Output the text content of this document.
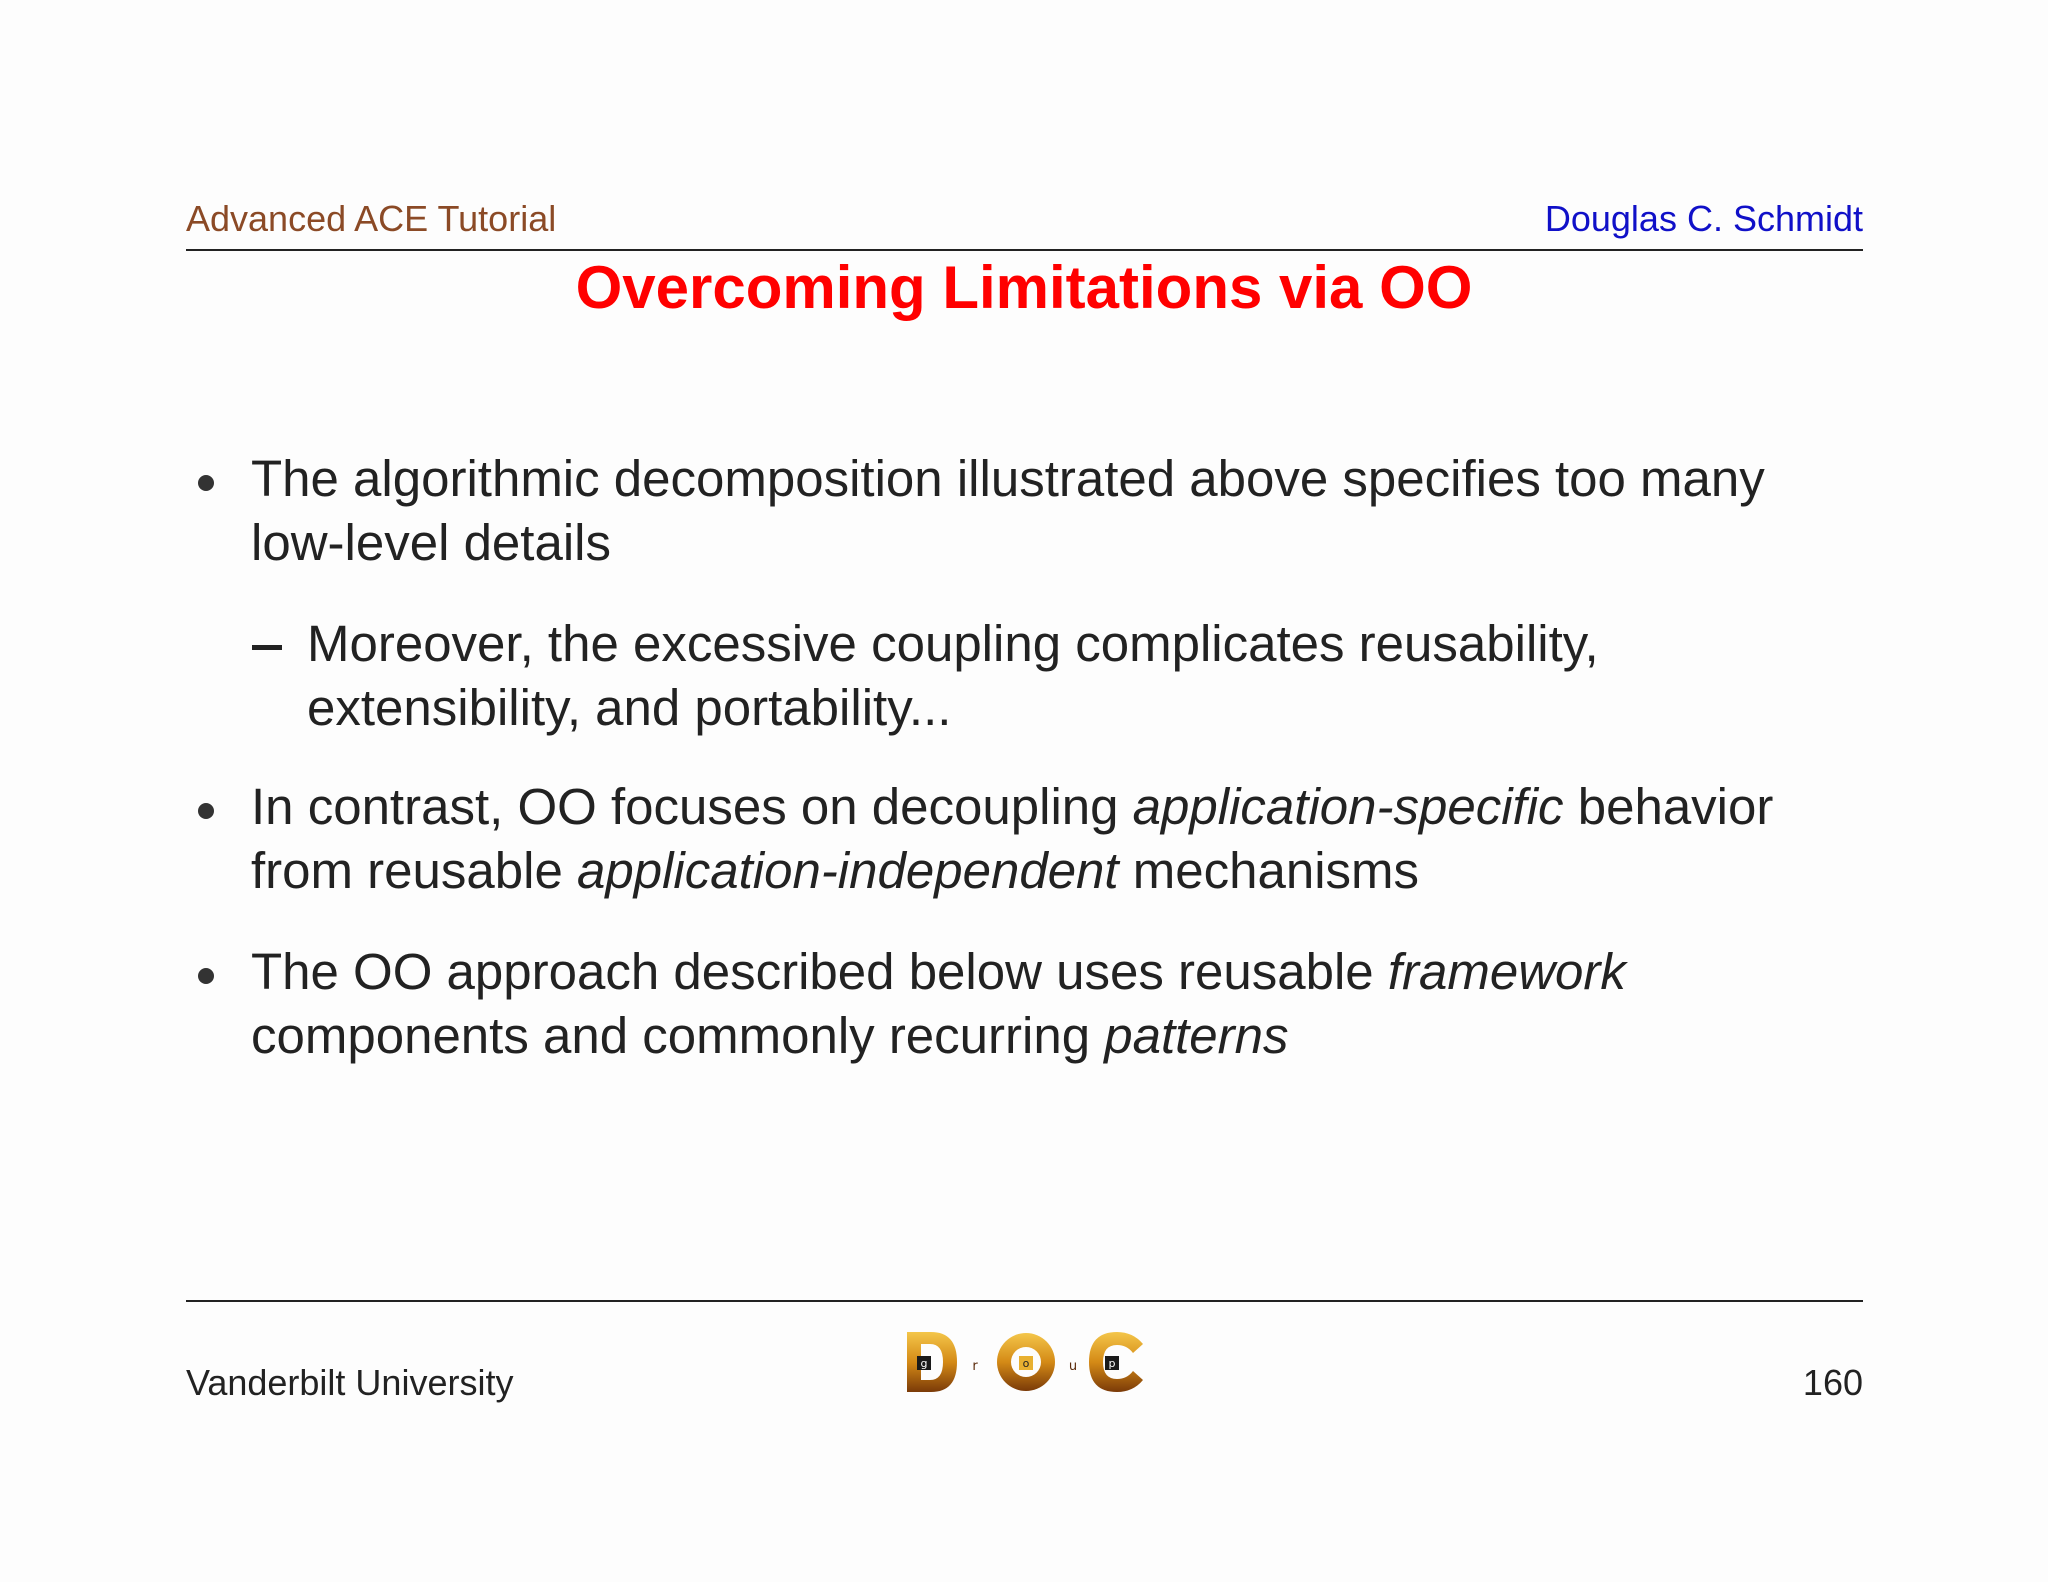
Advanced ACE Tutorial	Douglas C. Schmidt
Overcoming Limitations via OO
The algorithmic decomposition illustrated above specifies too many low-level details
Moreover, the excessive coupling complicates reusability, extensibility, and portability...
In contrast, OO focuses on decoupling application-specific behavior from reusable application-independent mechanisms
The OO approach described below uses reusable framework components and commonly recurring patterns
Vanderbilt University	g	r	o	u	p	160
